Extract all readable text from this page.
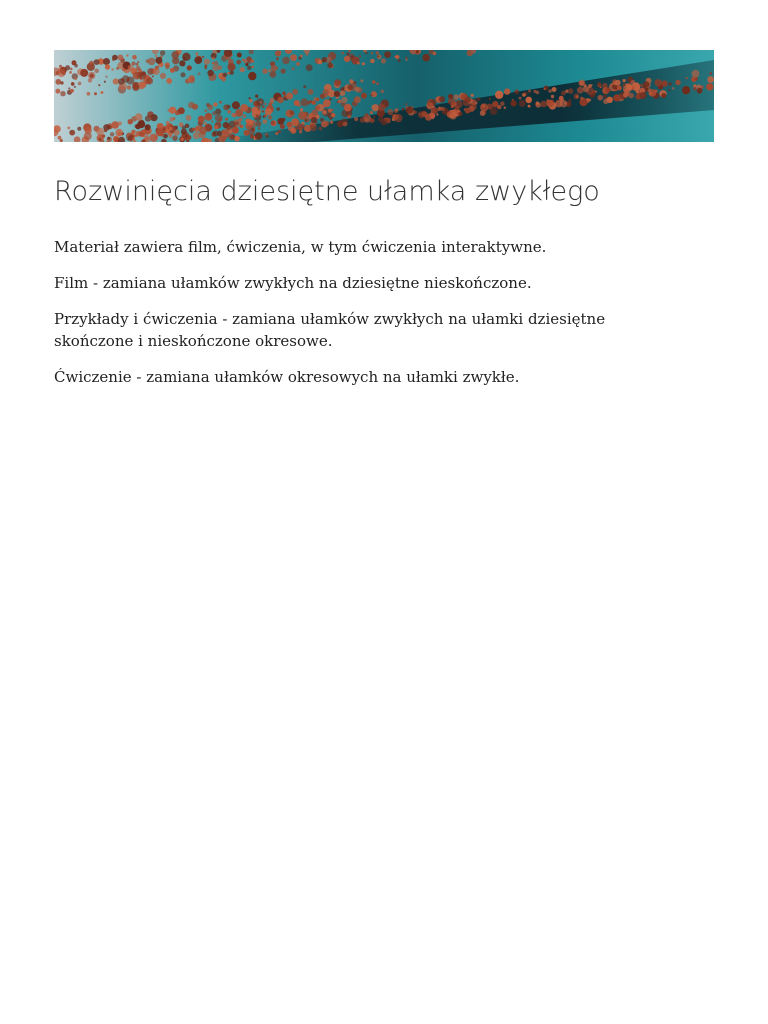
Rozwinięcia dziesiętne ułamka zwykłego

Materiał zawiera film, ćwiczenia, w tym ćwiczenia interaktywne.

Film - zamiana ułamków zwykłych na dziesiętne nieskończone.

Przykłady i ćwiczenia - zamiana ułamków zwykłych na ułamki dziesiętne skończone i nieskończone okresowe.

Ćwiczenie - zamiana ułamków okresowych na ułamki zwykłe.
